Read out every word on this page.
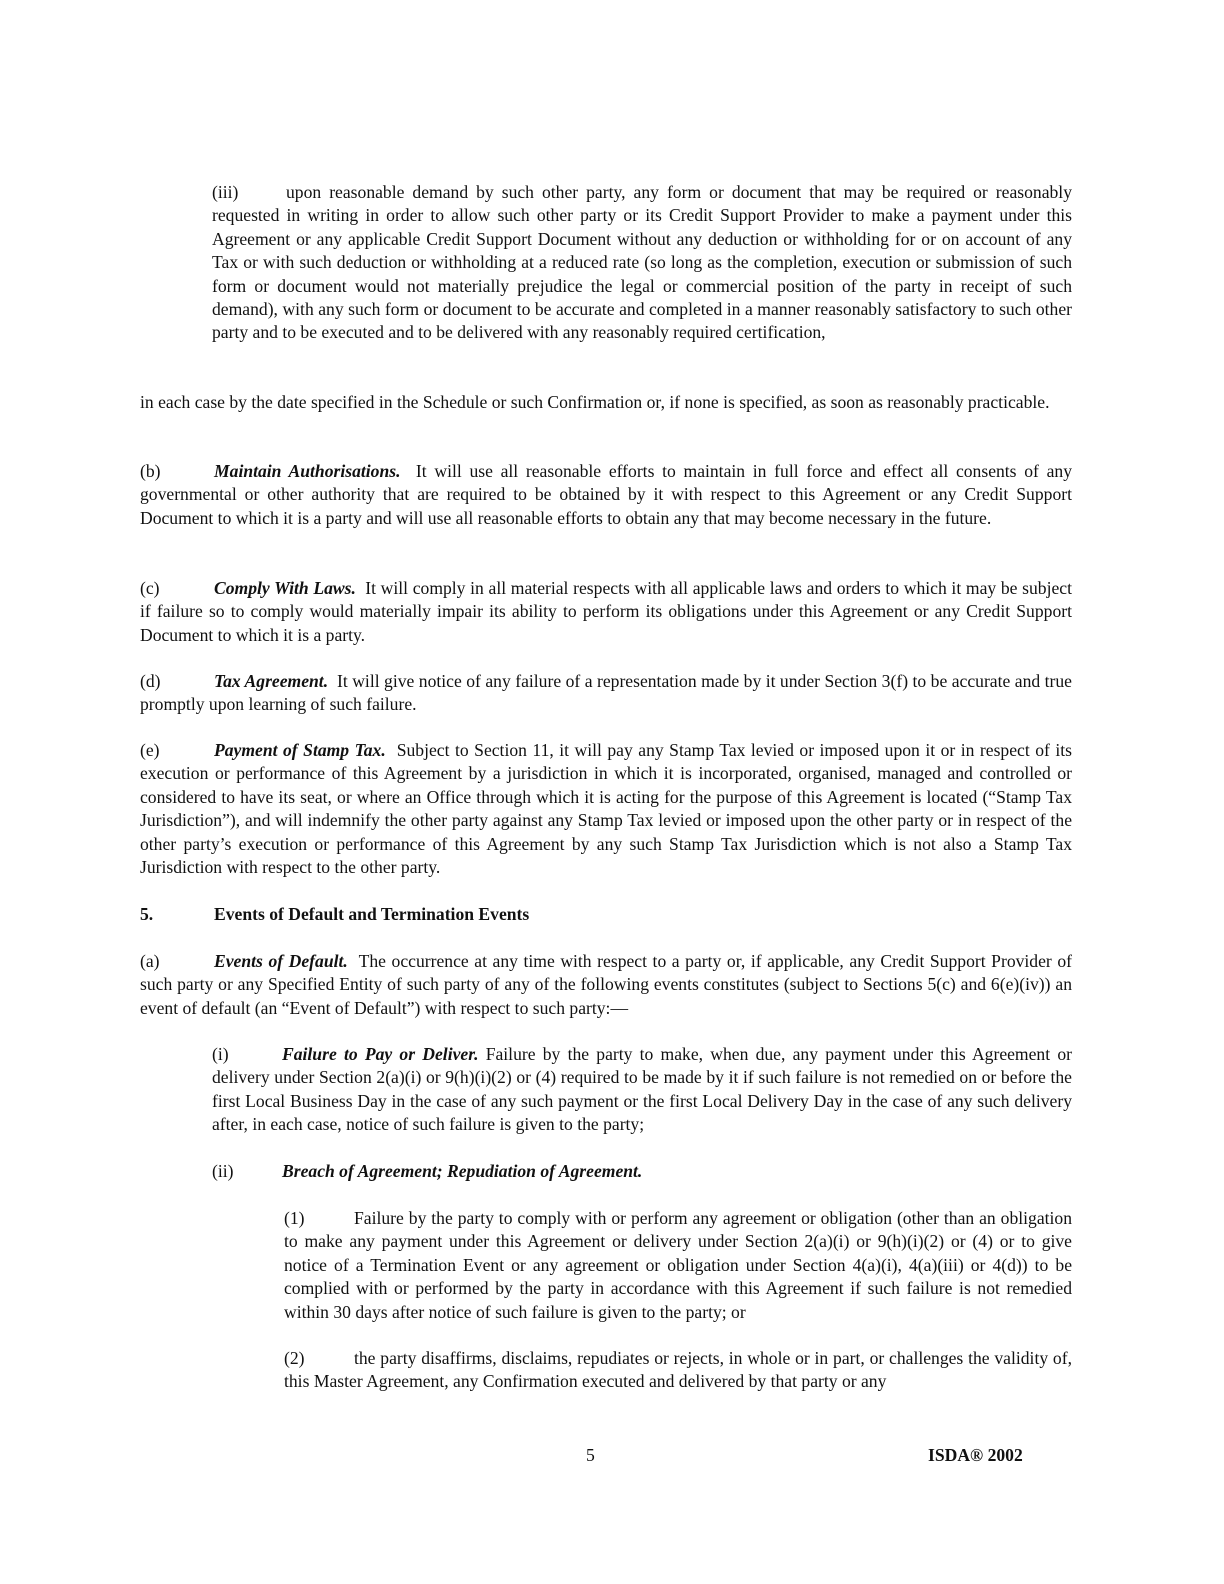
(iii)	upon reasonable demand by such other party, any form or document that may be required or reasonably requested in writing in order to allow such other party or its Credit Support Provider to make a payment under this Agreement or any applicable Credit Support Document without any deduction or withholding for or on account of any Tax or with such deduction or withholding at a reduced rate (so long as the completion, execution or submission of such form or document would not materially prejudice the legal or commercial position of the party in receipt of such demand), with any such form or document to be accurate and completed in a manner reasonably satisfactory to such other party and to be executed and to be delivered with any reasonably required certification,

in each case by the date specified in the Schedule or such Confirmation or, if none is specified, as soon as reasonably practicable.

(b)	Maintain Authorisations. It will use all reasonable efforts to maintain in full force and effect all consents of any governmental or other authority that are required to be obtained by it with respect to this Agreement or any Credit Support Document to which it is a party and will use all reasonable efforts to obtain any that may become necessary in the future.

(c)	Comply With Laws. It will comply in all material respects with all applicable laws and orders to which it may be subject if failure so to comply would materially impair its ability to perform its obligations under this Agreement or any Credit Support Document to which it is a party.

(d)	Tax Agreement. It will give notice of any failure of a representation made by it under Section 3(f) to be accurate and true promptly upon learning of such failure.

(e)	Payment of Stamp Tax. Subject to Section 11, it will pay any Stamp Tax levied or imposed upon it or in respect of its execution or performance of this Agreement by a jurisdiction in which it is incorporated, organised, managed and controlled or considered to have its seat, or where an Office through which it is acting for the purpose of this Agreement is located (“Stamp Tax Jurisdiction”), and will indemnify the other party against any Stamp Tax levied or imposed upon the other party or in respect of the other party’s execution or performance of this Agreement by any such Stamp Tax Jurisdiction which is not also a Stamp Tax Jurisdiction with respect to the other party.

5.	Events of Default and Termination Events

(a)	Events of Default. The occurrence at any time with respect to a party or, if applicable, any Credit Support Provider of such party or any Specified Entity of such party of any of the following events constitutes (subject to Sections 5(c) and 6(e)(iv)) an event of default (an “Event of Default”) with respect to such party:—

(i)	Failure to Pay or Deliver. Failure by the party to make, when due, any payment under this Agreement or delivery under Section 2(a)(i) or 9(h)(i)(2) or (4) required to be made by it if such failure is not remedied on or before the first Local Business Day in the case of any such payment or the first Local Delivery Day in the case of any such delivery after, in each case, notice of such failure is given to the party;

(ii)	Breach of Agreement; Repudiation of Agreement.

(1)	Failure by the party to comply with or perform any agreement or obligation (other than an obligation to make any payment under this Agreement or delivery under Section 2(a)(i) or 9(h)(i)(2) or (4) or to give notice of a Termination Event or any agreement or obligation under Section 4(a)(i), 4(a)(iii) or 4(d)) to be complied with or performed by the party in accordance with this Agreement if such failure is not remedied within 30 days after notice of such failure is given to the party; or

(2)	the party disaffirms, disclaims, repudiates or rejects, in whole or in part, or challenges the validity of, this Master Agreement, any Confirmation executed and delivered by that party or any

5	ISDA® 2002
